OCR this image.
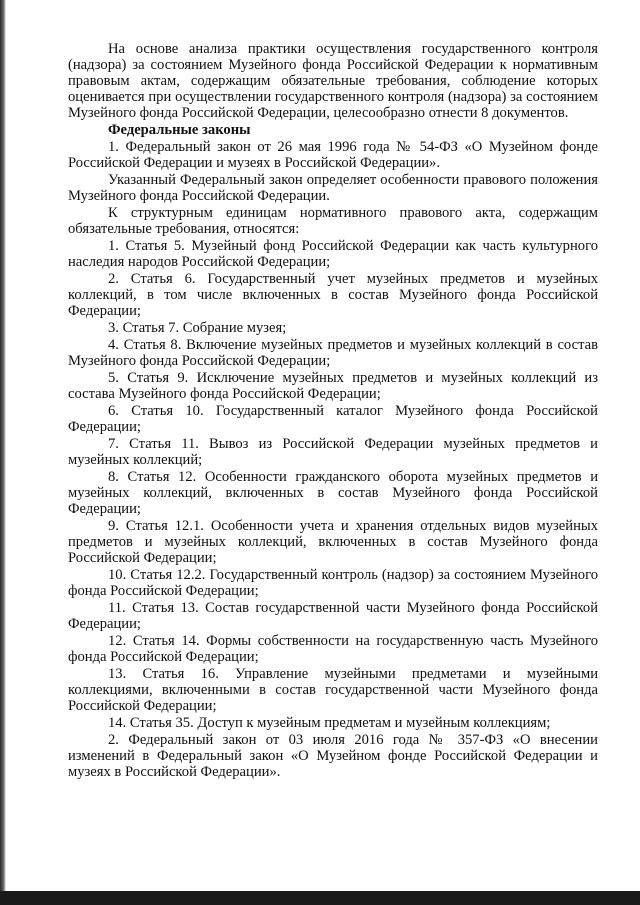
На основе анализа практики осуществления государственного контроля (надзора) за состоянием Музейного фонда Российской Федерации к нормативным правовым актам, содержащим обязательные требования, соблюдение которых оценивается при осуществлении государственного контроля (надзора) за состоянием Музейного фонда Российской Федерации, целесообразно отнести 8 документов.

Федеральные законы

1. Федеральный закон от 26 мая 1996 года № 54-ФЗ «О Музейном фонде Российской Федерации и музеях в Российской Федерации».

Указанный Федеральный закон определяет особенности правового положения Музейного фонда Российской Федерации.

К структурным единицам нормативного правового акта, содержащим обязательные требования, относятся:

1. Статья 5. Музейный фонд Российской Федерации как часть культурного наследия народов Российской Федерации;

2. Статья 6. Государственный учет музейных предметов и музейных коллекций, в том числе включенных в состав Музейного фонда Российской Федерации;

3. Статья 7. Собрание музея;

4. Статья 8. Включение музейных предметов и музейных коллекций в состав Музейного фонда Российской Федерации;

5. Статья 9. Исключение музейных предметов и музейных коллекций из состава Музейного фонда Российской Федерации;

6. Статья 10. Государственный каталог Музейного фонда Российской Федерации;

7. Статья 11. Вывоз из Российской Федерации музейных предметов и музейных коллекций;

8. Статья 12. Особенности гражданского оборота музейных предметов и музейных коллекций, включенных в состав Музейного фонда Российской Федерации;

9. Статья 12.1. Особенности учета и хранения отдельных видов музейных предметов и музейных коллекций, включенных в состав Музейного фонда Российской Федерации;

10. Статья 12.2. Государственный контроль (надзор) за состоянием Музейного фонда Российской Федерации;

11. Статья 13. Состав государственной части Музейного фонда Российской Федерации;

12. Статья 14. Формы собственности на государственную часть Музейного фонда Российской Федерации;

13. Статья 16. Управление музейными предметами и музейными коллекциями, включенными в состав государственной части Музейного фонда Российской Федерации;

14. Статья 35. Доступ к музейным предметам и музейным коллекциям;

2. Федеральный закон от 03 июля 2016 года № 357-ФЗ «О внесении изменений в Федеральный закон «О Музейном фонде Российской Федерации и музеях в Российской Федерации».
